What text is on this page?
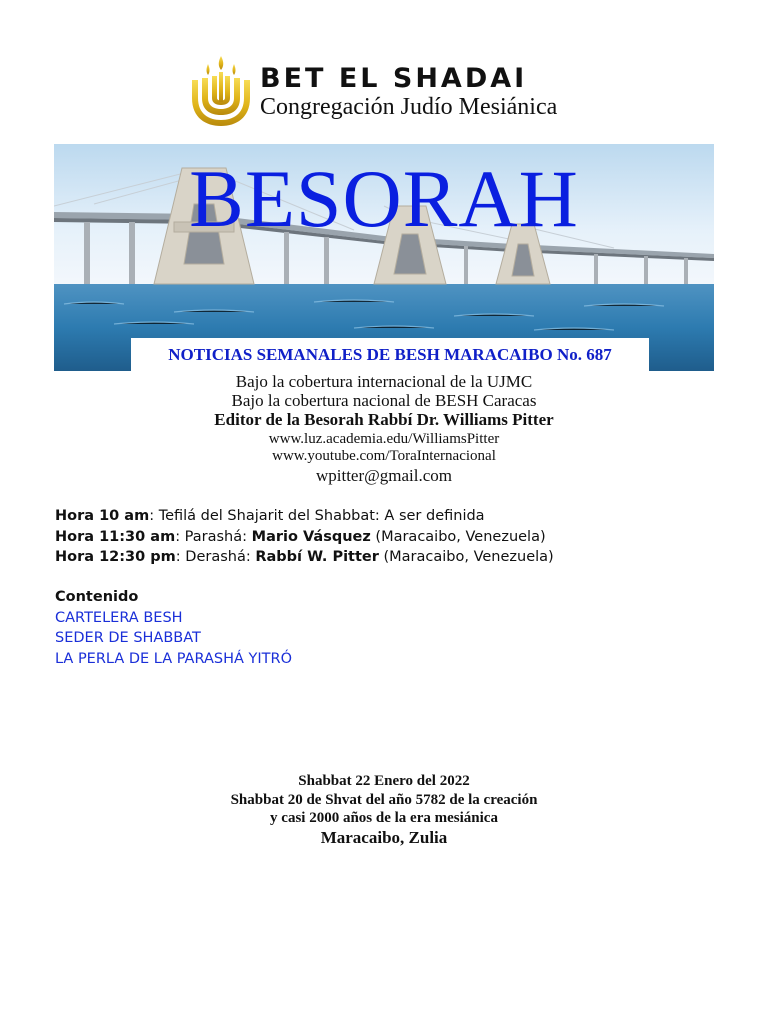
BET EL SHADAI
Congregación Judío Mesiánica
BESORAH
NOTICIAS SEMANALES DE BESH MARACAIBO No. 687
Bajo la cobertura internacional de la UJMC
Bajo la cobertura nacional de BESH Caracas
Editor de la Besorah Rabbí Dr. Williams Pitter
www.luz.academia.edu/WilliamsPitter
www.youtube.com/ToraInternacional
wpitter@gmail.com
Hora 10 am: Tefilá del Shajarit del Shabbat: A ser definida
Hora 11:30 am: Parashá: Mario Vásquez (Maracaibo, Venezuela)
Hora 12:30 pm: Derashá: Rabbí W. Pitter (Maracaibo, Venezuela)
Contenido
CARTELERA BESH
SEDER DE SHABBAT
LA PERLA DE LA PARASHÁ YITRÓ
Shabbat 22 Enero del 2022
Shabbat 20 de Shvat del año 5782 de la creación
y casi 2000 años de la era mesiánica
Maracaibo, Zulia
